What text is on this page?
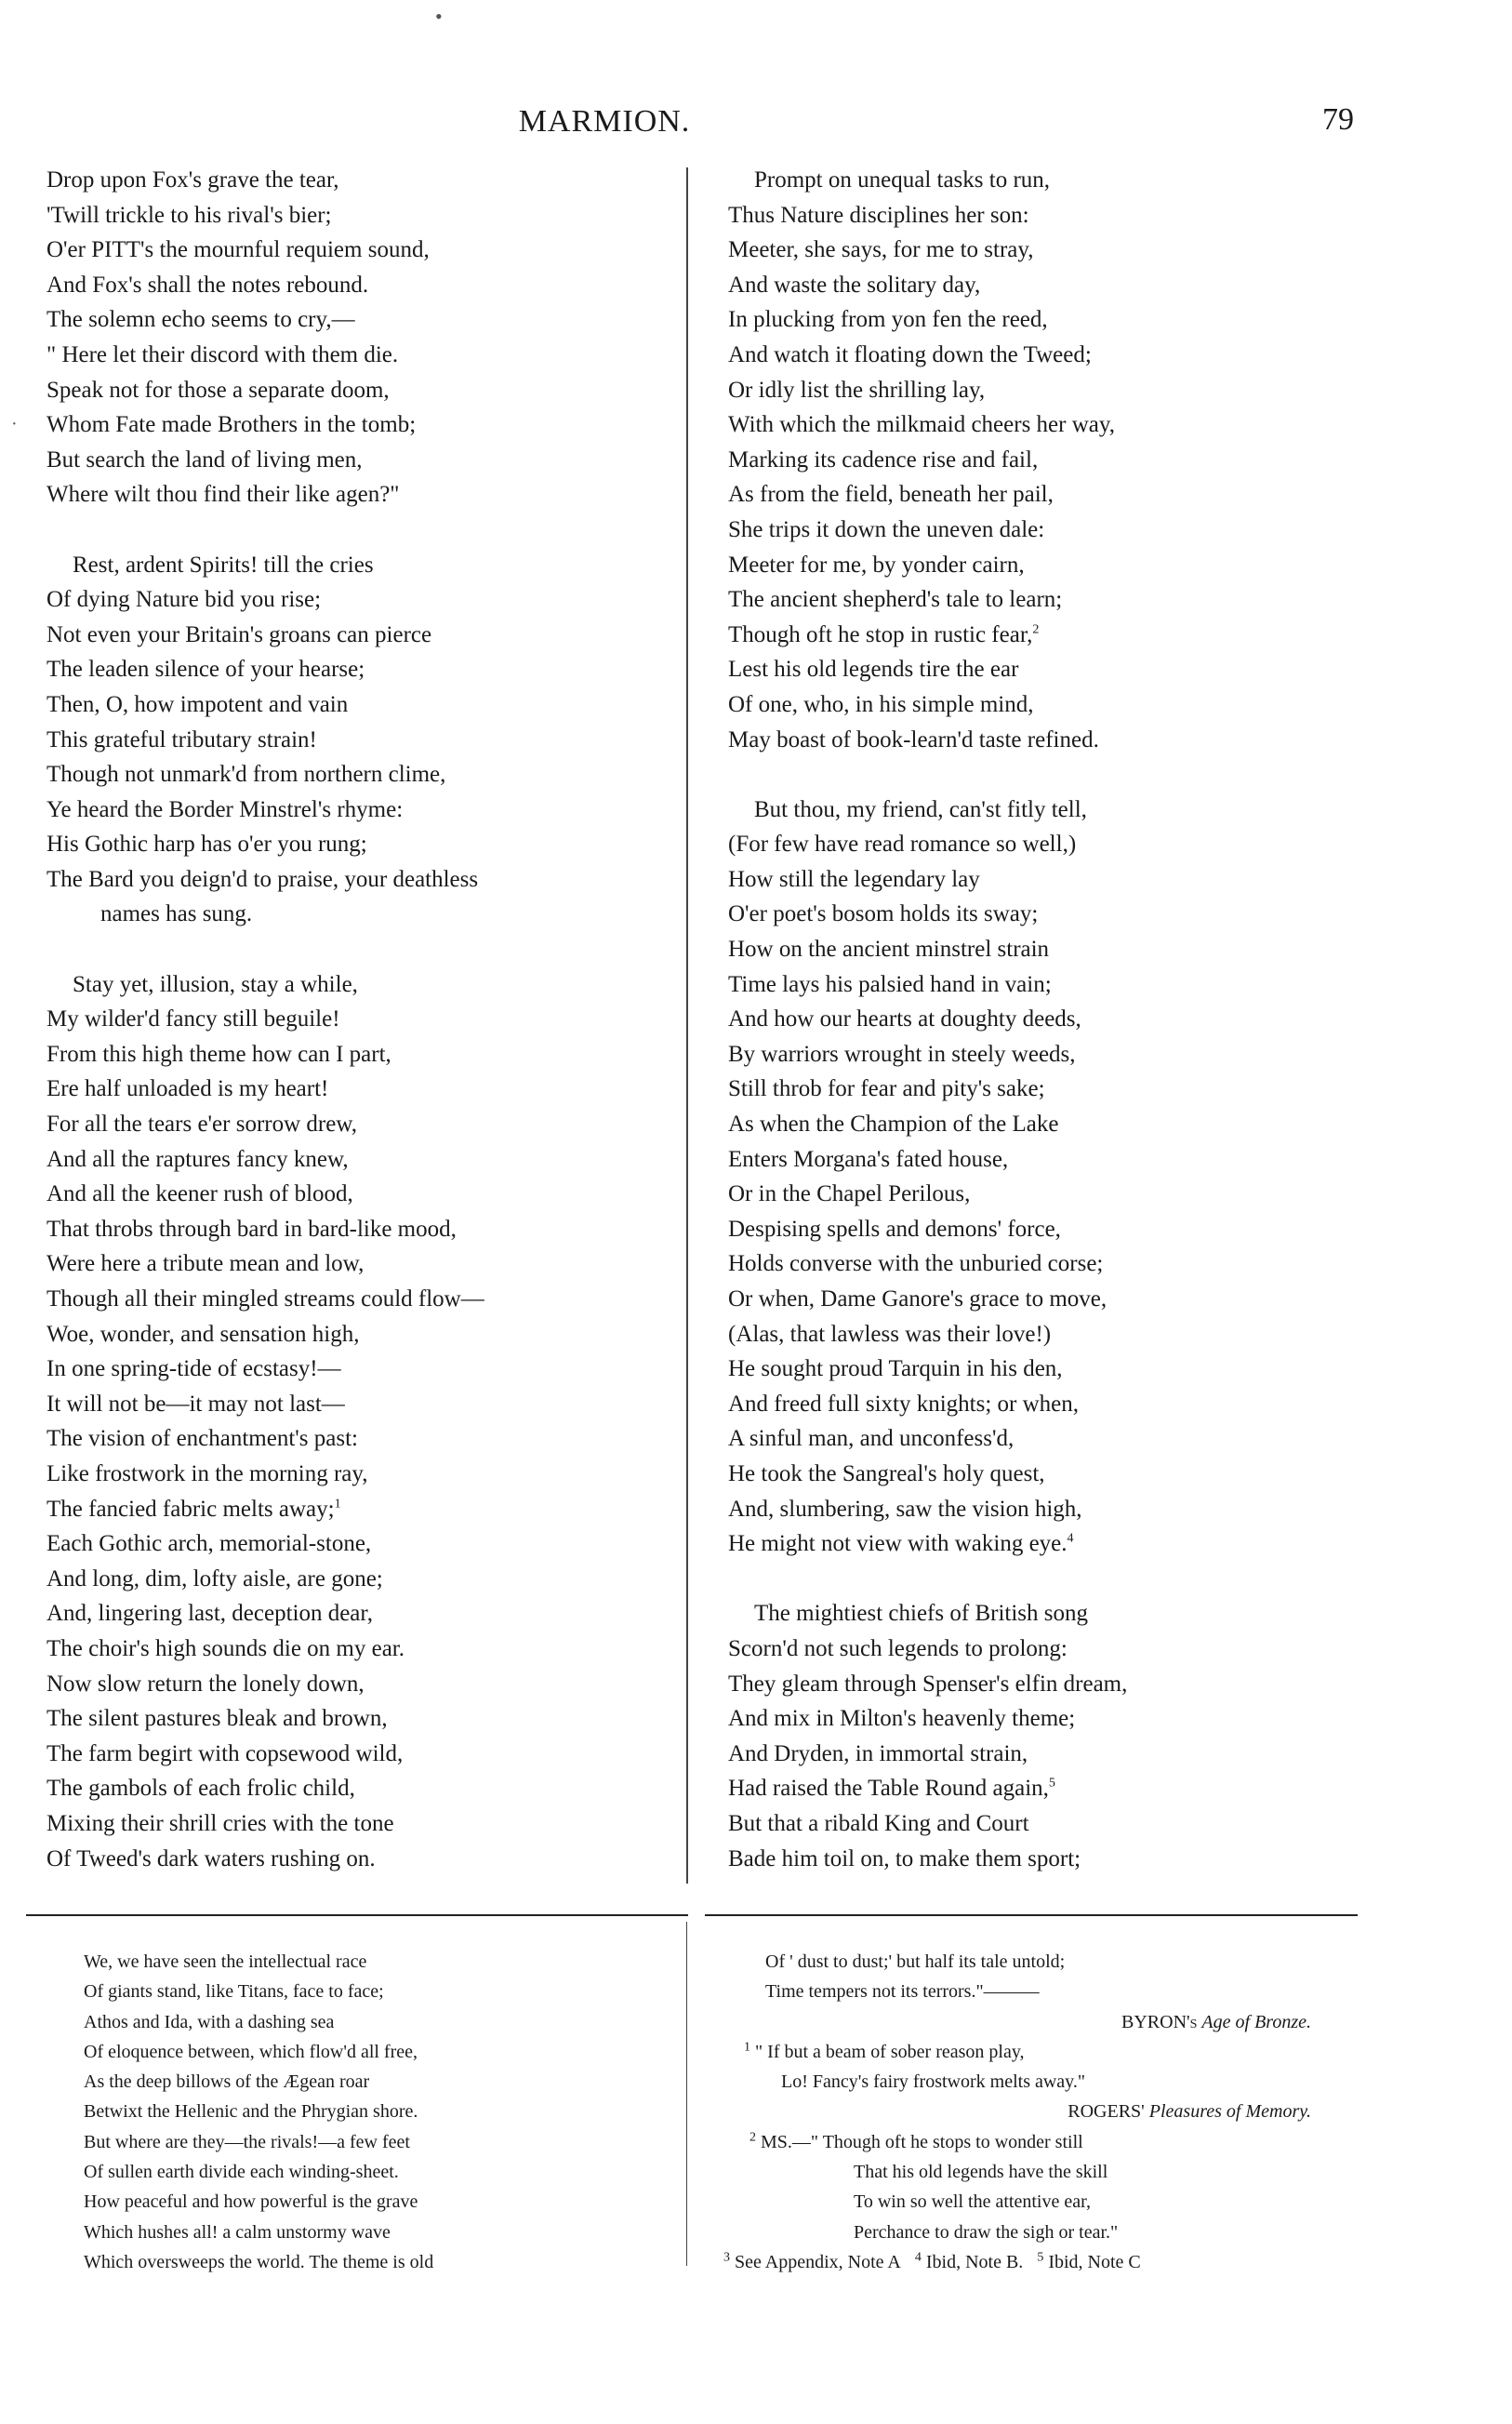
•
MARMION.	79
·
Drop upon Fox's grave the tear,
'Twill trickle to his rival's bier;
O'er PITT's the mournful requiem sound,
And Fox's shall the notes rebound.
The solemn echo seems to cry,—
" Here let their discord with them die.
Speak not for those a separate doom,
Whom Fate made Brothers in the tomb;
But search the land of living men,
Where wilt thou find their like agen?"
Rest, ardent Spirits! till the cries
Of dying Nature bid you rise;
Not even your Britain's groans can pierce
The leaden silence of your hearse;
Then, O, how impotent and vain
This grateful tributary strain!
Though not unmark'd from northern clime,
Ye heard the Border Minstrel's rhyme:
His Gothic harp has o'er you rung;
The Bard you deign'd to praise, your deathless
names has sung.
Stay yet, illusion, stay a while,
My wilder'd fancy still beguile!
From this high theme how can I part,
Ere half unloaded is my heart!
For all the tears e'er sorrow drew,
And all the raptures fancy knew,
And all the keener rush of blood,
That throbs through bard in bard-like mood,
Were here a tribute mean and low,
Though all their mingled streams could flow—
Woe, wonder, and sensation high,
In one spring-tide of ecstasy!—
It will not be—it may not last—
The vision of enchantment's past:
Like frostwork in the morning ray,
The fancied fabric melts away;$^1$
Each Gothic arch, memorial-stone,
And long, dim, lofty aisle, are gone;
And, lingering last, deception dear,
The choir's high sounds die on my ear.
Now slow return the lonely down,
The silent pastures bleak and brown,
The farm begirt with copsewood wild,
The gambols of each frolic child,
Mixing their shrill cries with the tone
Of Tweed's dark waters rushing on.
Prompt on unequal tasks to run,
Thus Nature disciplines her son:
Meeter, she says, for me to stray,
And waste the solitary day,
In plucking from yon fen the reed,
And watch it floating down the Tweed;
Or idly list the shrilling lay,
With which the milkmaid cheers her way,
Marking its cadence rise and fail,
As from the field, beneath her pail,
She trips it down the uneven dale:
Meeter for me, by yonder cairn,
The ancient shepherd's tale to learn;
Though oft he stop in rustic fear,$^2$
Lest his old legends tire the ear
Of one, who, in his simple mind,
May boast of book-learn'd taste refined.
But thou, my friend, can'st fitly tell,
(For few have read romance so well,)
How still the legendary lay
O'er poet's bosom holds its sway;
How on the ancient minstrel strain
Time lays his palsied hand in vain;
And how our hearts at doughty deeds,
By warriors wrought in steely weeds,
Still throb for fear and pity's sake;
As when the Champion of the Lake
Enters Morgana's fated house,
Or in the Chapel Perilous,
Despising spells and demons' force,
Holds converse with the unburied corse;
Or when, Dame Ganore's grace to move,
(Alas, that lawless was their love!)
He sought proud Tarquin in his den,
And freed full sixty knights; or when,
A sinful man, and unconfess'd,
He took the Sangreal's holy quest,
And, slumbering, saw the vision high,
He might not view with waking eye.$^4$
The mightiest chiefs of British song
Scorn'd not such legends to prolong:
They gleam through Spenser's elfin dream,
And mix in Milton's heavenly theme;
And Dryden, in immortal strain,
Had raised the Table Round again,$^5$
But that a ribald King and Court
Bade him toil on, to make them sport;
We, we have seen the intellectual race
Of giants stand, like Titans, face to face;
Athos and Ida, with a dashing sea
Of eloquence between, which flow'd all free,
As the deep billows of the Ægean roar
Betwixt the Hellenic and the Phrygian shore.
But where are they—the rivals!—a few feet
Of sullen earth divide each winding-sheet.
How peaceful and how powerful is the grave
Which hushes all! a calm unstormy wave
Which oversweeps the world. The theme is old
Of ' dust to dust;' but half its tale untold;
Time tempers not its terrors."———
BYRON's Age of Bronze.
$^1$ " If but a beam of sober reason play,
Lo! Fancy's fairy frostwork melts away."
ROGERS' Pleasures of Memory.
$^2$ MS.—" Though oft he stops to wonder still
That his old legends have the skill
To win so well the attentive ear,
Perchance to draw the sigh or tear."
$^3$ See Appendix, Note A $^4$ Ibid, Note B. $^5$ Ibid, Note C
